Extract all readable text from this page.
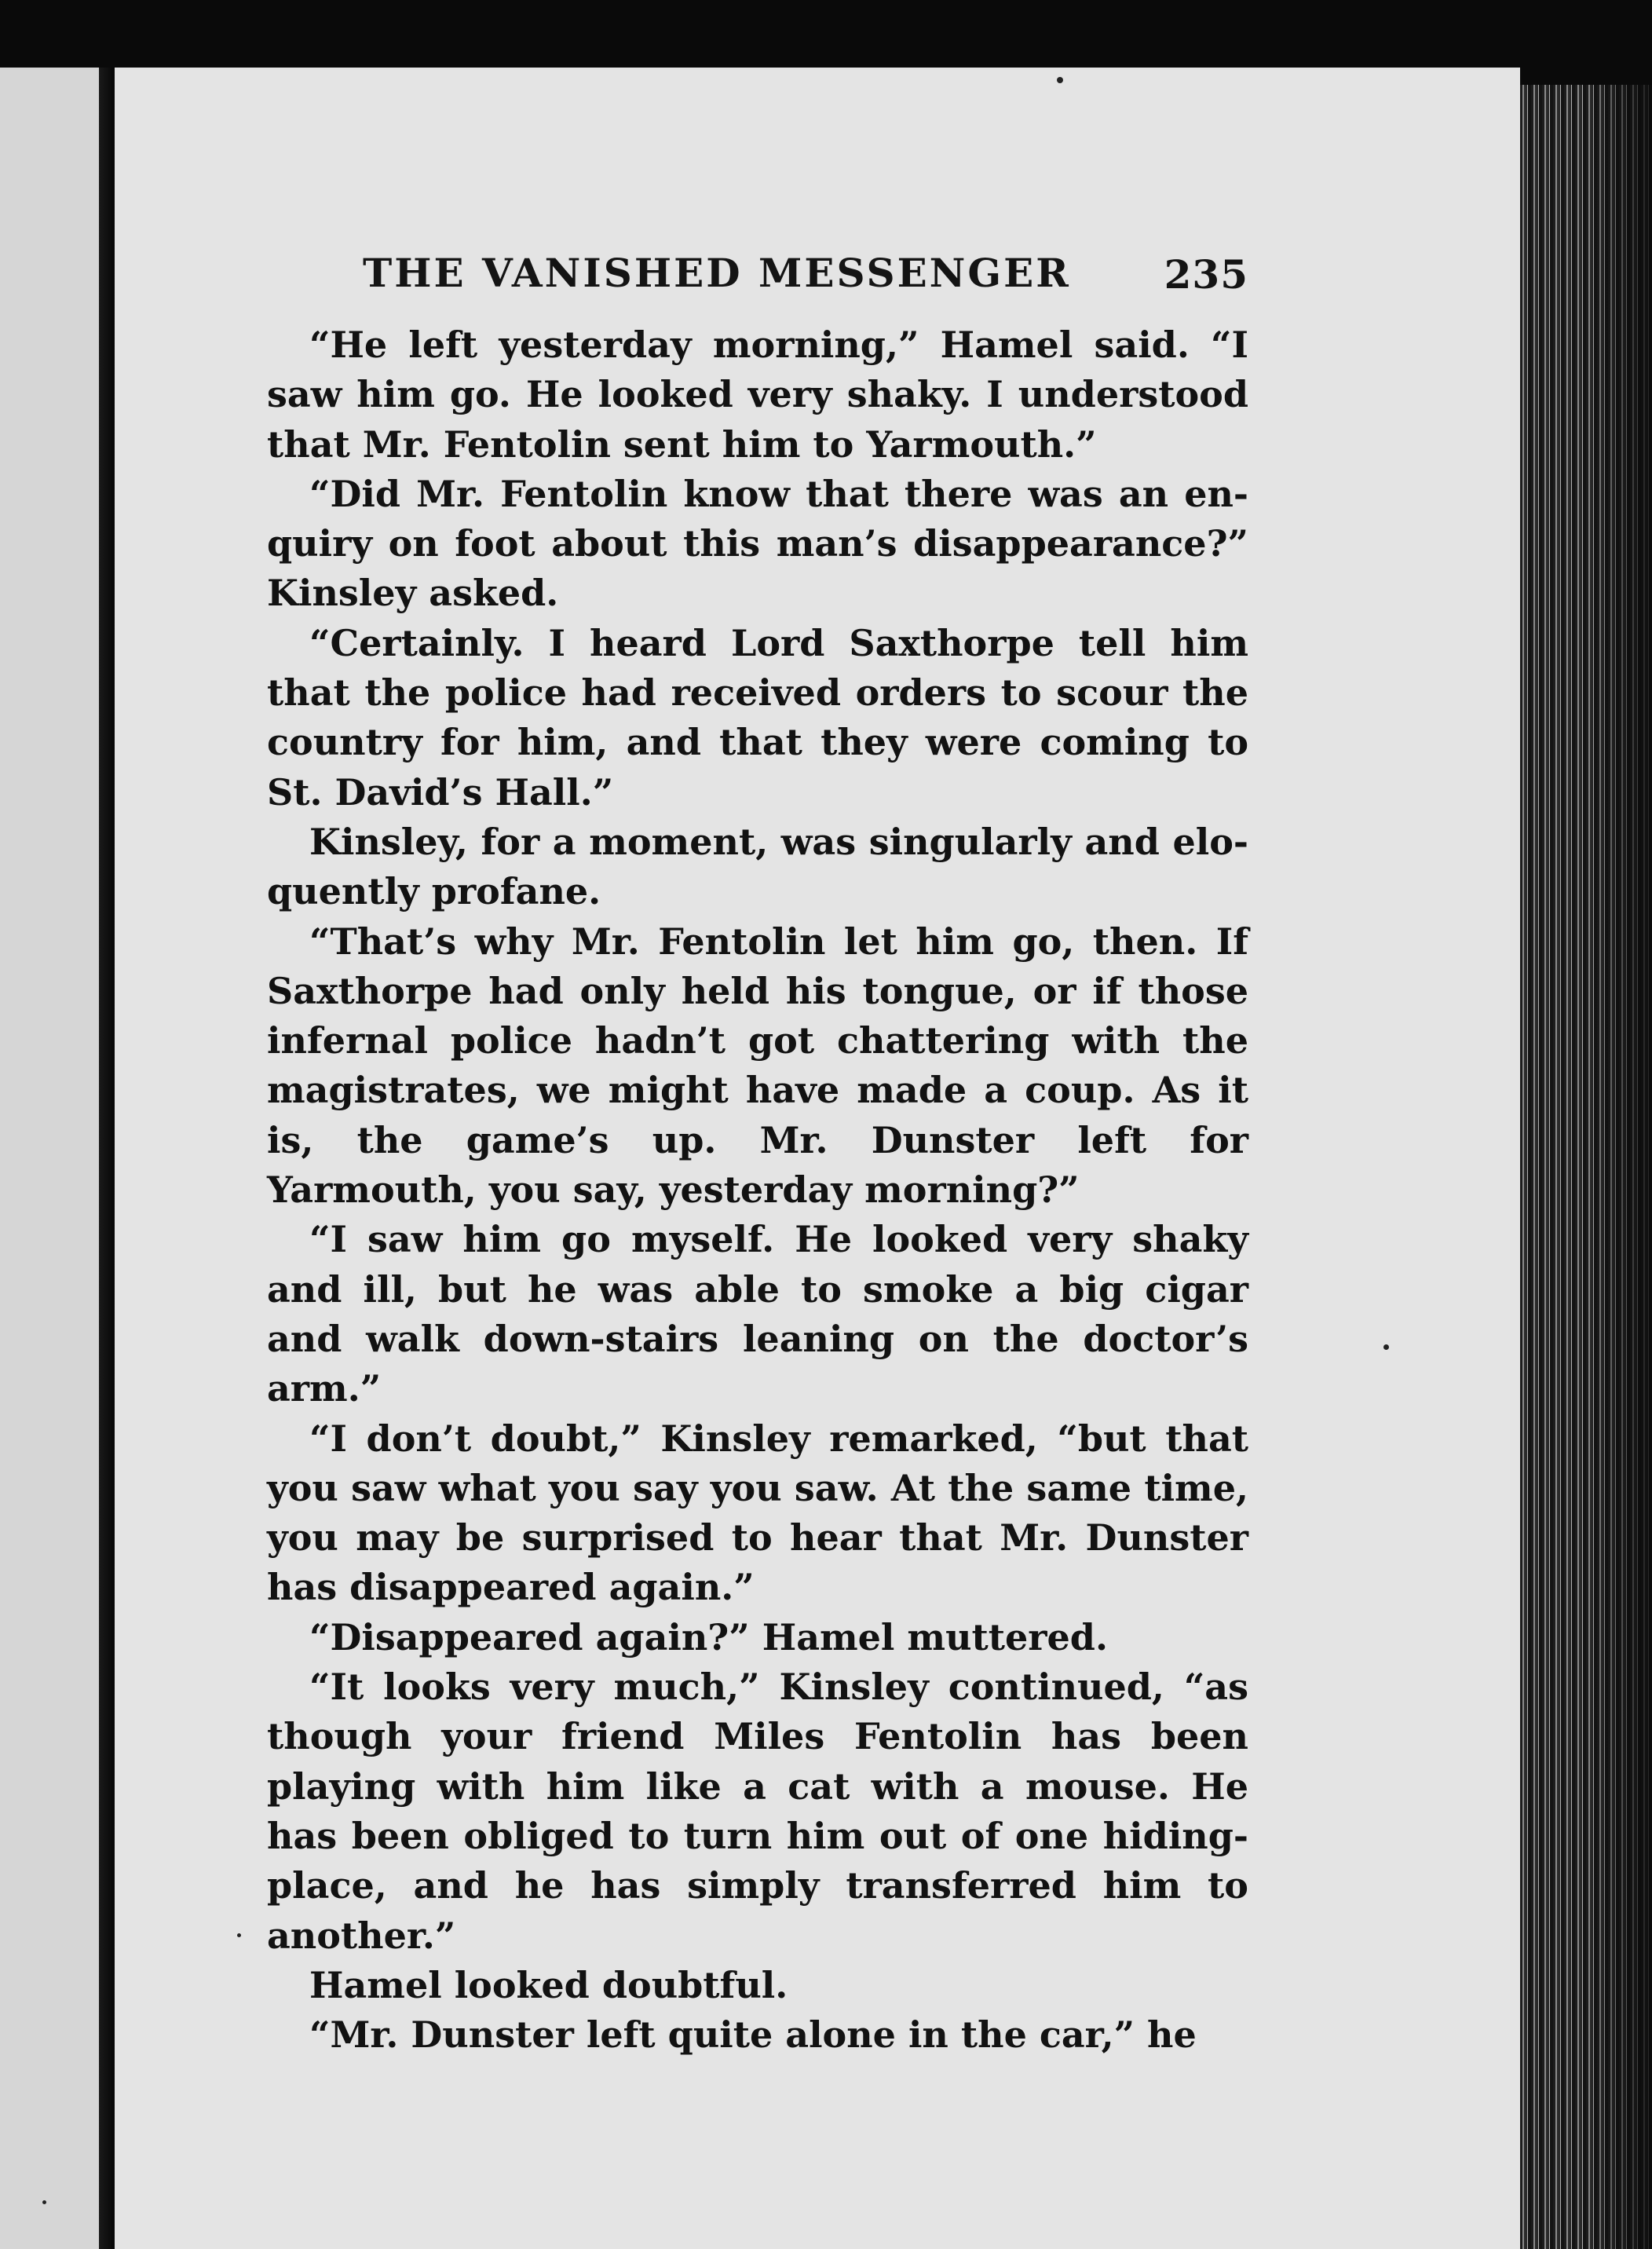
THE VANISHED MESSENGER 235

“He left yesterday morning,” Hamel said. “I saw him go. He looked very shaky. I understood that Mr. Fentolin sent him to Yarmouth.”

“Did Mr. Fentolin know that there was an enquiry on foot about this man’s disappearance?” Kinsley asked.

“Certainly. I heard Lord Saxthorpe tell him that the police had received orders to scour the country for him, and that they were coming to St. David’s Hall.”

Kinsley, for a moment, was singularly and eloquently profane.

“That’s why Mr. Fentolin let him go, then. If Saxthorpe had only held his tongue, or if those infernal police hadn’t got chattering with the magistrates, we might have made a coup. As it is, the game’s up. Mr. Dunster left for Yarmouth, you say, yesterday morning?”

“I saw him go myself. He looked very shaky and ill, but he was able to smoke a big cigar and walk down-stairs leaning on the doctor’s arm.”

“I don’t doubt,” Kinsley remarked, “but that you saw what you say you saw. At the same time, you may be surprised to hear that Mr. Dunster has disappeared again.”

“Disappeared again?” Hamel muttered.

“It looks very much,” Kinsley continued, “as though your friend Miles Fentolin has been playing with him like a cat with a mouse. He has been obliged to turn him out of one hiding-place, and he has simply transferred him to another.”

Hamel looked doubtful.

“Mr. Dunster left quite alone in the car,” he
